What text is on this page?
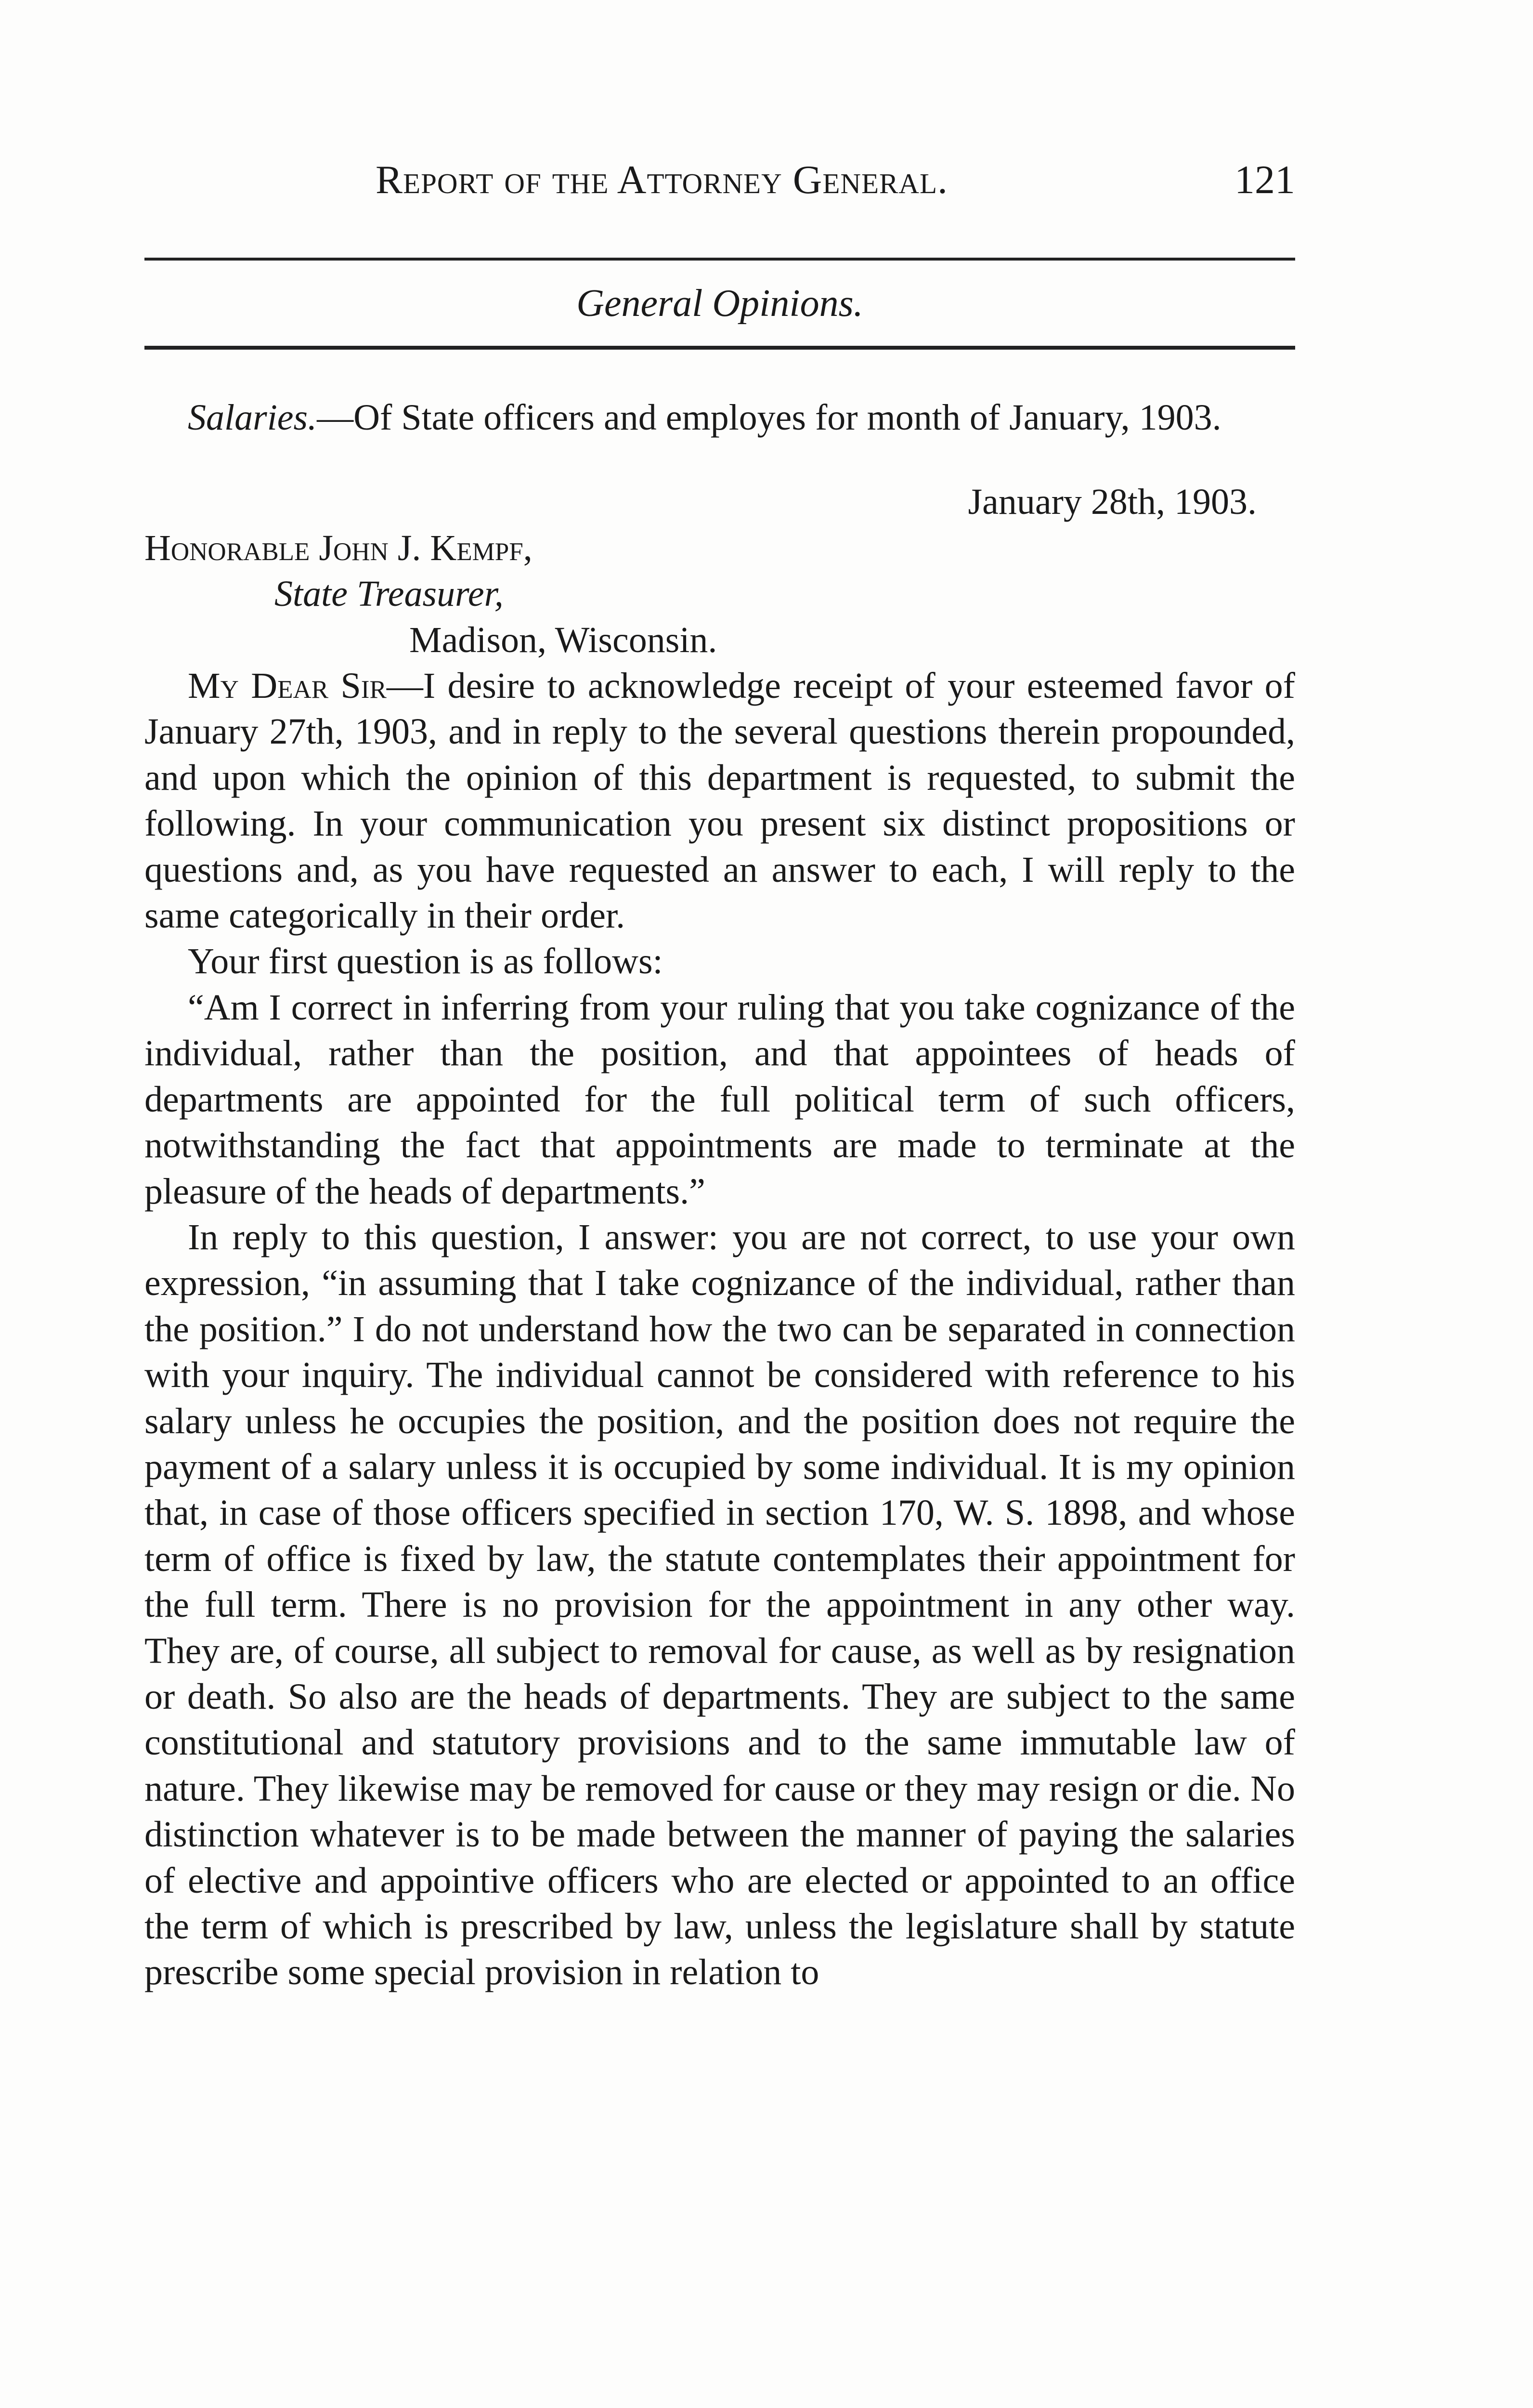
Report of the Attorney General.	121
General Opinions.

Salaries.—Of State officers and employes for month of January, 1903.

January 28th, 1903.

Honorable John J. Kempf,

State Treasurer,

Madison, Wisconsin.

My Dear Sir—I desire to acknowledge receipt of your esteemed favor of January 27th, 1903, and in reply to the several questions therein propounded, and upon which the opinion of this department is requested, to submit the following. In your communication you present six distinct propositions or questions and, as you have requested an answer to each, I will reply to the same categorically in their order.

Your first question is as follows:

“Am I correct in inferring from your ruling that you take cognizance of the individual, rather than the position, and that appointees of heads of departments are appointed for the full political term of such officers, notwithstanding the fact that appointments are made to terminate at the pleasure of the heads of departments.”

In reply to this question, I answer: you are not correct, to use your own expression, “in assuming that I take cognizance of the individual, rather than the position.” I do not understand how the two can be separated in connection with your inquiry. The individual cannot be considered with reference to his salary unless he occupies the position, and the position does not require the payment of a salary unless it is occupied by some individual. It is my opinion that, in case of those officers specified in section 170, W. S. 1898, and whose term of office is fixed by law, the statute contemplates their appointment for the full term. There is no provision for the appointment in any other way. They are, of course, all subject to removal for cause, as well as by resignation or death. So also are the heads of departments. They are subject to the same constitutional and statutory provisions and to the same immutable law of nature. They likewise may be removed for cause or they may resign or die. No distinction whatever is to be made between the manner of paying the salaries of elective and appointive officers who are elected or appointed to an office the term of which is prescribed by law, unless the legislature shall by statute prescribe some special provision in relation to
